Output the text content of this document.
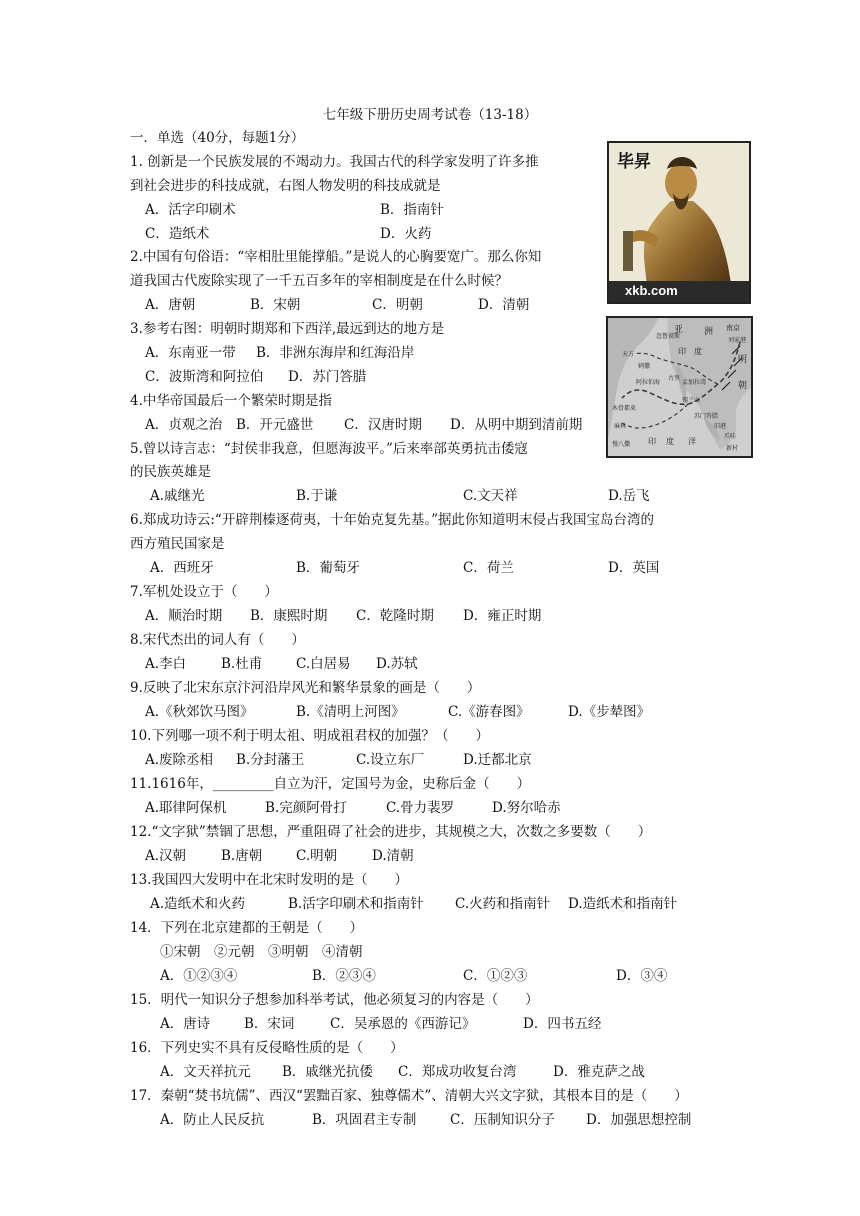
七年级下册历史周考试卷（13-18）
一．单选（40分，每题1分）
1. 创新是一个民族发展的不竭动力。我国古代的科学家发明了许多推
到社会进步的科技成就，右图人物发明的科技成就是
A．活字印刷术	B．指南针
C．造纸术	D．火药
2.中国有句俗语：“宰相肚里能撑船。”是说人的心胸要宽广。那么你知
道我国古代废除实现了一千五百多年的宰相制度是在什么时候？
A．唐朝	B．宋朝	C．明朝	D．清朝
3.参考右图：明朝时期郑和下西洋,最远到达的地方是
A．东南亚一带 B．非洲东海岸和红海沿岸
C．波斯湾和阿拉伯 D．苏门答腊
4.中华帝国最后一个繁荣时期是指
A．贞观之治 B．开元盛世 C．汉唐时期 D．从明中期到清前期
5.曾以诗言志：“封侯非我意，但愿海波平。”后来率部英勇抗击倭寇
的民族英雄是
A.戚继光	B.于谦	C.文天祥	D.岳飞
6.郑成功诗云:“开辟荆榛逐荷夷，十年始克复先基。”据此你知道明末侵占我国宝岛台湾的
西方殖民国家是
A．西班牙	B．葡萄牙	C．荷兰	D．英国
7.军机处设立于（　　）
A．顺治时期 B．康熙时期 C．乾隆时期 D．雍正时期
8.宋代杰出的词人有（　　）
A.李白	B.杜甫	C.白居易 D.苏轼
9.反映了北宋东京汴河沿岸风光和繁华景象的画是（　　）
A.《秋郊饮马图》	B.《清明上河图》	C.《游春图》	D.《步辇图》
10.下列哪一项不利于明太祖、明成祖君权的加强？（　　）
A.废除丞相 B.分封藩王	C.设立东厂	D.迁都北京
11.1616年，_________自立为汗，定国号为金，史称后金（　　）
A.耶律阿保机	B.完颜阿骨打	C.骨力裴罗	D.努尔哈赤
12.“文字狱”禁锢了思想，严重阻碍了社会的进步，其规模之大，次数之多要数（　　）
A.汉朝	B.唐朝	C.明朝	D.清朝
13.我国四大发明中在北宋时发明的是（　　）
A.造纸术和火药	B.活字印刷术和指南针 C.火药和指南针 D.造纸术和指南针
14．下列在北京建都的王朝是（　　）
①宋朝　②元朝　③明朝　④清朝
A．①②③④	B．②③④	C．①②③	D．③④
15．明代一知识分子想参加科举考试，他必须复习的内容是（　　）
A．唐诗	B．宋词	C．吴承恩的《西游记》	D．四书五经
16．下列史实不具有反侵略性质的是（　　）
A．文天祥抗元 B．戚继光抗倭 C．郑成功收复台湾	D．雅克萨之战
17．秦朝“焚书坑儒”、西汉“罢黜百家、独尊儒术”、清朝大兴文字狱，其根本目的是（　　）
A．防止人民反抗	B．巩固君主专制 C．压制知识分子 D．加强思想控制
xkb.com
毕昇
亚 洲 南京
刘家港
天方
忽鲁谟斯
印 度
古里
孟加拉湾
锡兰山
苏门答腊
阿拉伯海
木骨都束
麻林
慢八撒 印 度 洋
爪哇
旧港
新村
明
朝
剌撒
